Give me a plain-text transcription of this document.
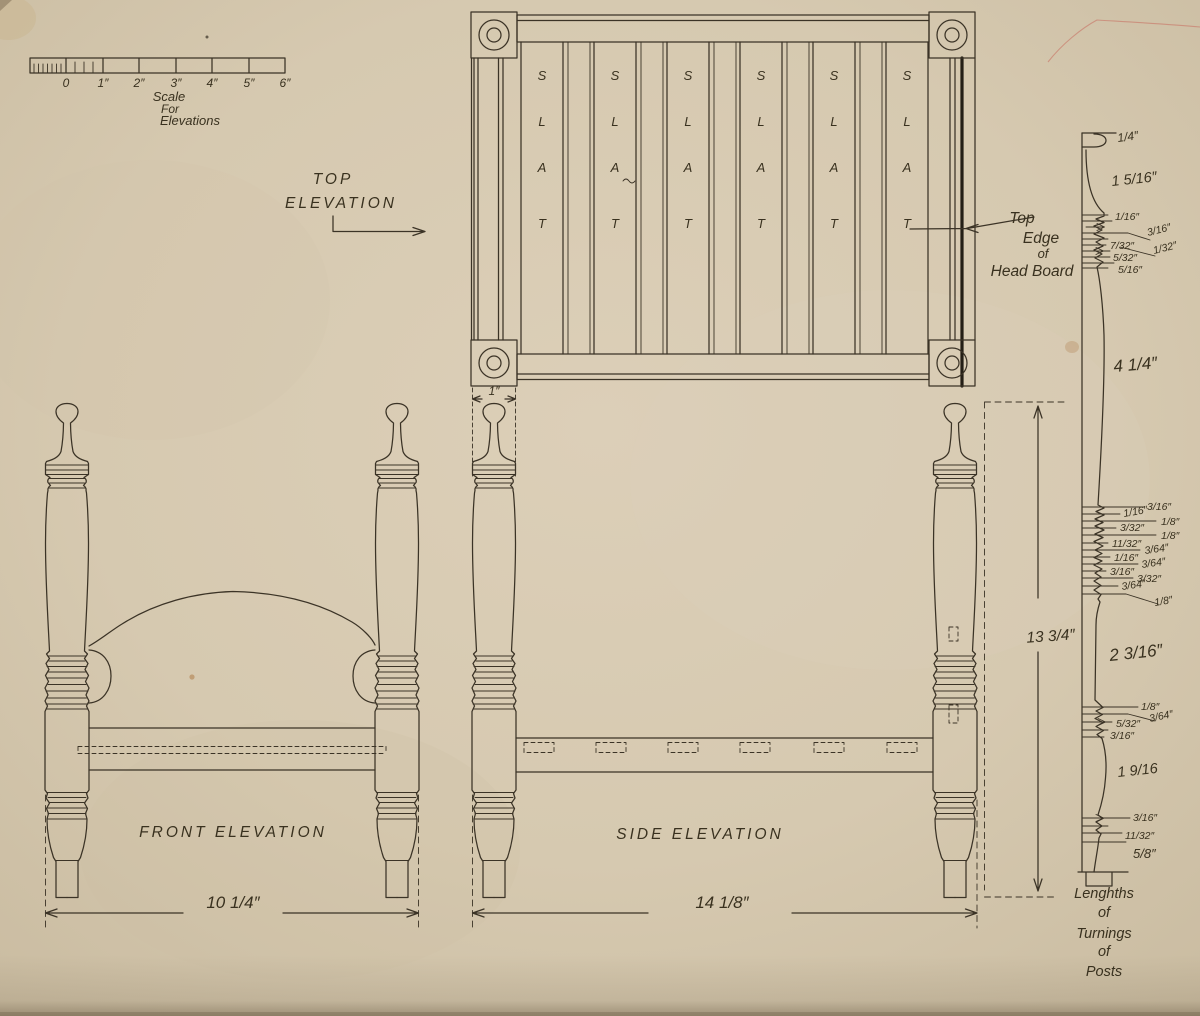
0 1″ 2″ 3″ 4″ 5″ 6″
Scale
For
Elevations
TOP
ELEVATION
S
L
A
T
S
L
A
T
S
L
A
T
S
L
A
T
S
L
A
T
S
L
A
T
1″
Top
Edge
of
Head Board
1/4″
1 5/16″
1/16″
3/16″
7/32″ 1/32″
5/32″
5/16″
4 1/4″
3/16″
1/16″
1/8″
3/32″
1/8″
11/32″ 3/64″
1/16″ 3/64″
3/16″
3/32″
3/64″
1/8″
2 3/16″
1/8″
3/64″
5/32″
3/16″
1 9/16
3/16″
11/32″
5/8″
Lenghths
of
Turnings
of
Posts
13 3/4″
10 1/4″
FRONT ELEVATION
14 1/8″
SIDE ELEVATION
